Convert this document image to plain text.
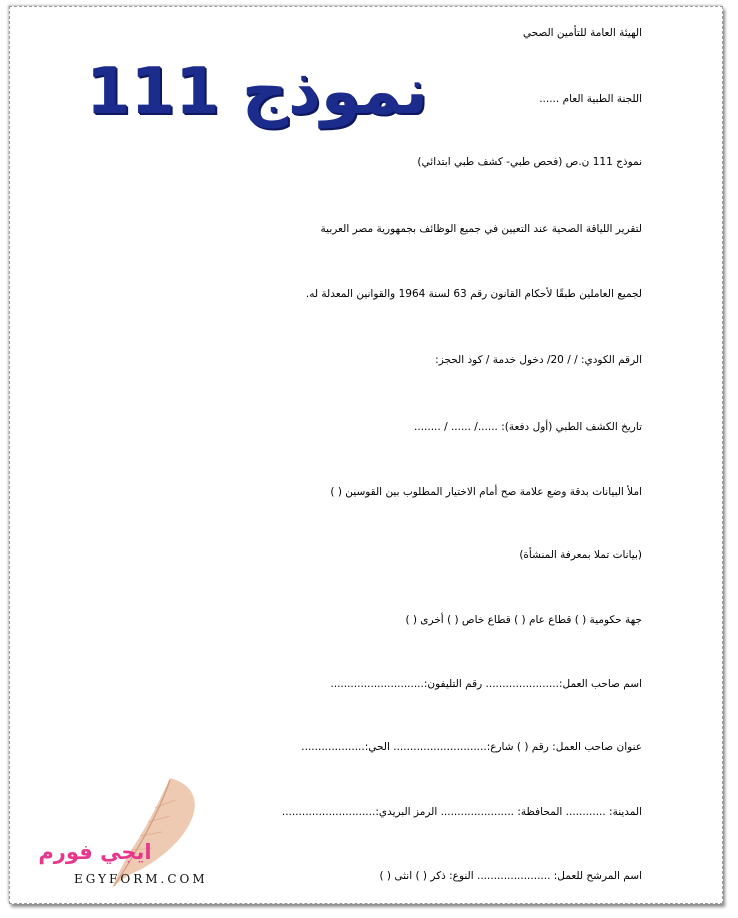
الهيئة العامة للتأمين الصحي
نموذج 111	اللجنة الطبية العام ......
نموذج 111 ن.ص (فحص طبي- كشف طبي ابتدائي)
لتقرير اللياقة الصحية عند التعيين في جميع الوظائف بجمهورية مصر العربية
لجميع العاملين طبقًا لأحكام القانون رقم 63 لسنة 1964 والقوانين المعدلة له.
الرقم الكودي: / / 20/ دخول خدمة / كود الحجز:
تاريخ الكشف الطبي (أول دفعة): ....../ ...... / ........
املأ البيانات بدقة وضع علامة صح أمام الاختيار المطلوب بين القوسين ( )
(بيانات تملا بمعرفة المنشأة)
جهة حكومية ( ) قطاع عام ( ) قطاع خاص ( ) أخرى ( )
اسم صاحب العمل:...................... رقم التليفون:............................
عنوان صاحب العمل: رقم ( ) شارع:............................ الحي:...................
المدينة: ............ المحافظة: ...................... الرمز البريدي:............................
اسم المرشح للعمل: ...................... النوع: ذكر ( ) انثى ( )
ايجي فورم
EGYFORM.COM
